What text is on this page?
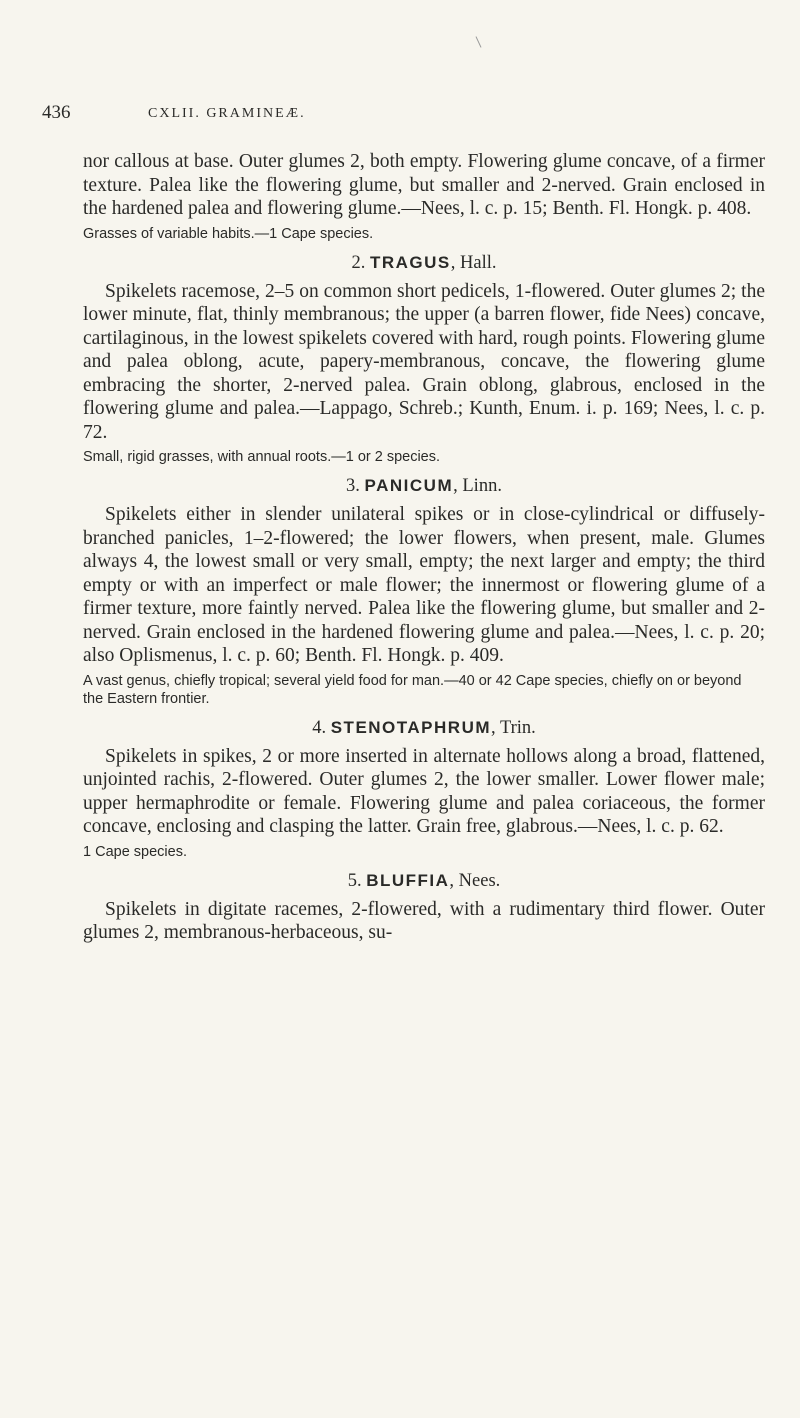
436	CXLII. GRAMINEÆ.

nor callous at base. Outer glumes 2, both empty. Flowering glume concave, of a firmer texture. Palea like the flowering glume, but smaller and 2-nerved. Grain enclosed in the hardened palea and flowering glume.—Nees, l. c. p. 15; Benth. Fl. Hongk. p. 408.

Grasses of variable habits.—1 Cape species.

2. TRAGUS, Hall.

Spikelets racemose, 2–5 on common short pedicels, 1-flowered. Outer glumes 2; the lower minute, flat, thinly membranous; the upper (a barren flower, fide Nees) concave, cartilaginous, in the lowest spikelets covered with hard, rough points. Flowering glume and palea oblong, acute, papery-membranous, concave, the flowering glume embracing the shorter, 2-nerved palea. Grain oblong, glabrous, enclosed in the flowering glume and palea.—Lappago, Schreb.; Kunth, Enum. i. p. 169; Nees, l. c. p. 72.

Small, rigid grasses, with annual roots.—1 or 2 species.

3. PANICUM, Linn.

Spikelets either in slender unilateral spikes or in close-cylindrical or diffusely-branched panicles, 1–2-flowered; the lower flowers, when present, male. Glumes always 4, the lowest small or very small, empty; the next larger and empty; the third empty or with an imperfect or male flower; the innermost or flowering glume of a firmer texture, more faintly nerved. Palea like the flowering glume, but smaller and 2-nerved. Grain enclosed in the hardened flowering glume and palea.—Nees, l. c. p. 20; also Oplismenus, l. c. p. 60; Benth. Fl. Hongk. p. 409.

A vast genus, chiefly tropical; several yield food for man.—40 or 42 Cape species, chiefly on or beyond the Eastern frontier.

4. STENOTAPHRUM, Trin.

Spikelets in spikes, 2 or more inserted in alternate hollows along a broad, flattened, unjointed rachis, 2-flowered. Outer glumes 2, the lower smaller. Lower flower male; upper hermaphrodite or female. Flowering glume and palea coriaceous, the former concave, enclosing and clasping the latter. Grain free, glabrous.—Nees, l. c. p. 62.

1 Cape species.

5. BLUFFIA, Nees.

Spikelets in digitate racemes, 2-flowered, with a rudimentary third flower. Outer glumes 2, membranous-herbaceous, su-
